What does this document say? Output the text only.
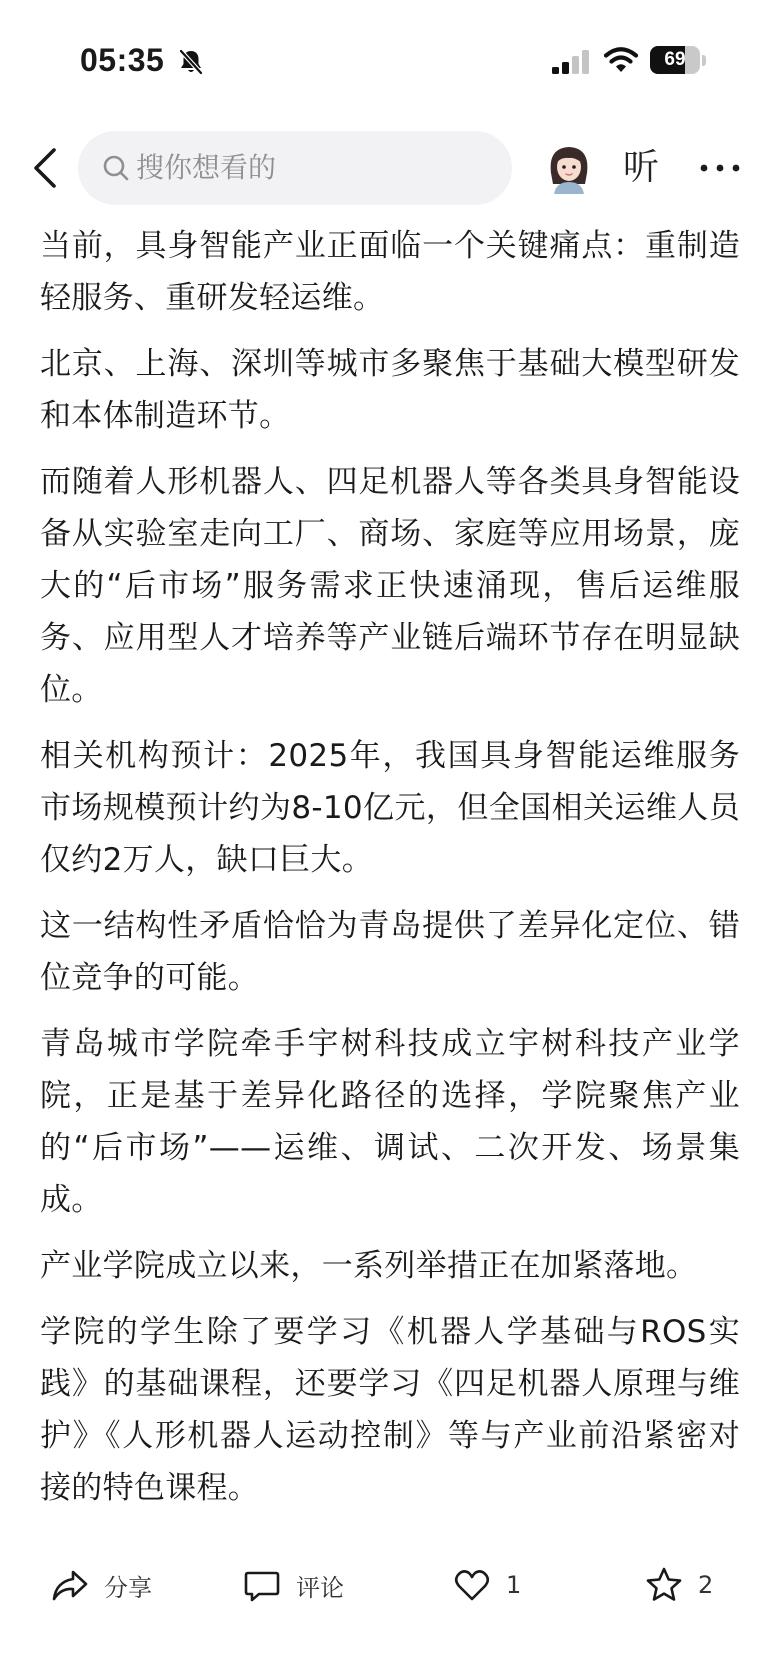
05:35	69
搜你想看的	听

当前，具身智能产业正面临一个关键痛点：重制造轻服务、重研发轻运维。

北京、上海、深圳等城市多聚焦于基础大模型研发和本体制造环节。

而随着人形机器人、四足机器人等各类具身智能设备从实验室走向工厂、商场、家庭等应用场景，庞大的“后市场”服务需求正快速涌现，售后运维服务、应用型人才培养等产业链后端环节存在明显缺位。

相关机构预计：2025年，我国具身智能运维服务市场规模预计约为8-10亿元，但全国相关运维人员仅约2万人，缺口巨大。

这一结构性矛盾恰恰为青岛提供了差异化定位、错位竞争的可能。

青岛城市学院牵手宇树科技成立宇树科技产业学院，正是基于差异化路径的选择，学院聚焦产业的“后市场”——运维、调试、二次开发、场景集成。

产业学院成立以来，一系列举措正在加紧落地。

学院的学生除了要学习《机器人学基础与ROS实践》的基础课程，还要学习《四足机器人原理与维护》《人形机器人运动控制》等与产业前沿紧密对接的特色课程。

分享	评论	1	2
